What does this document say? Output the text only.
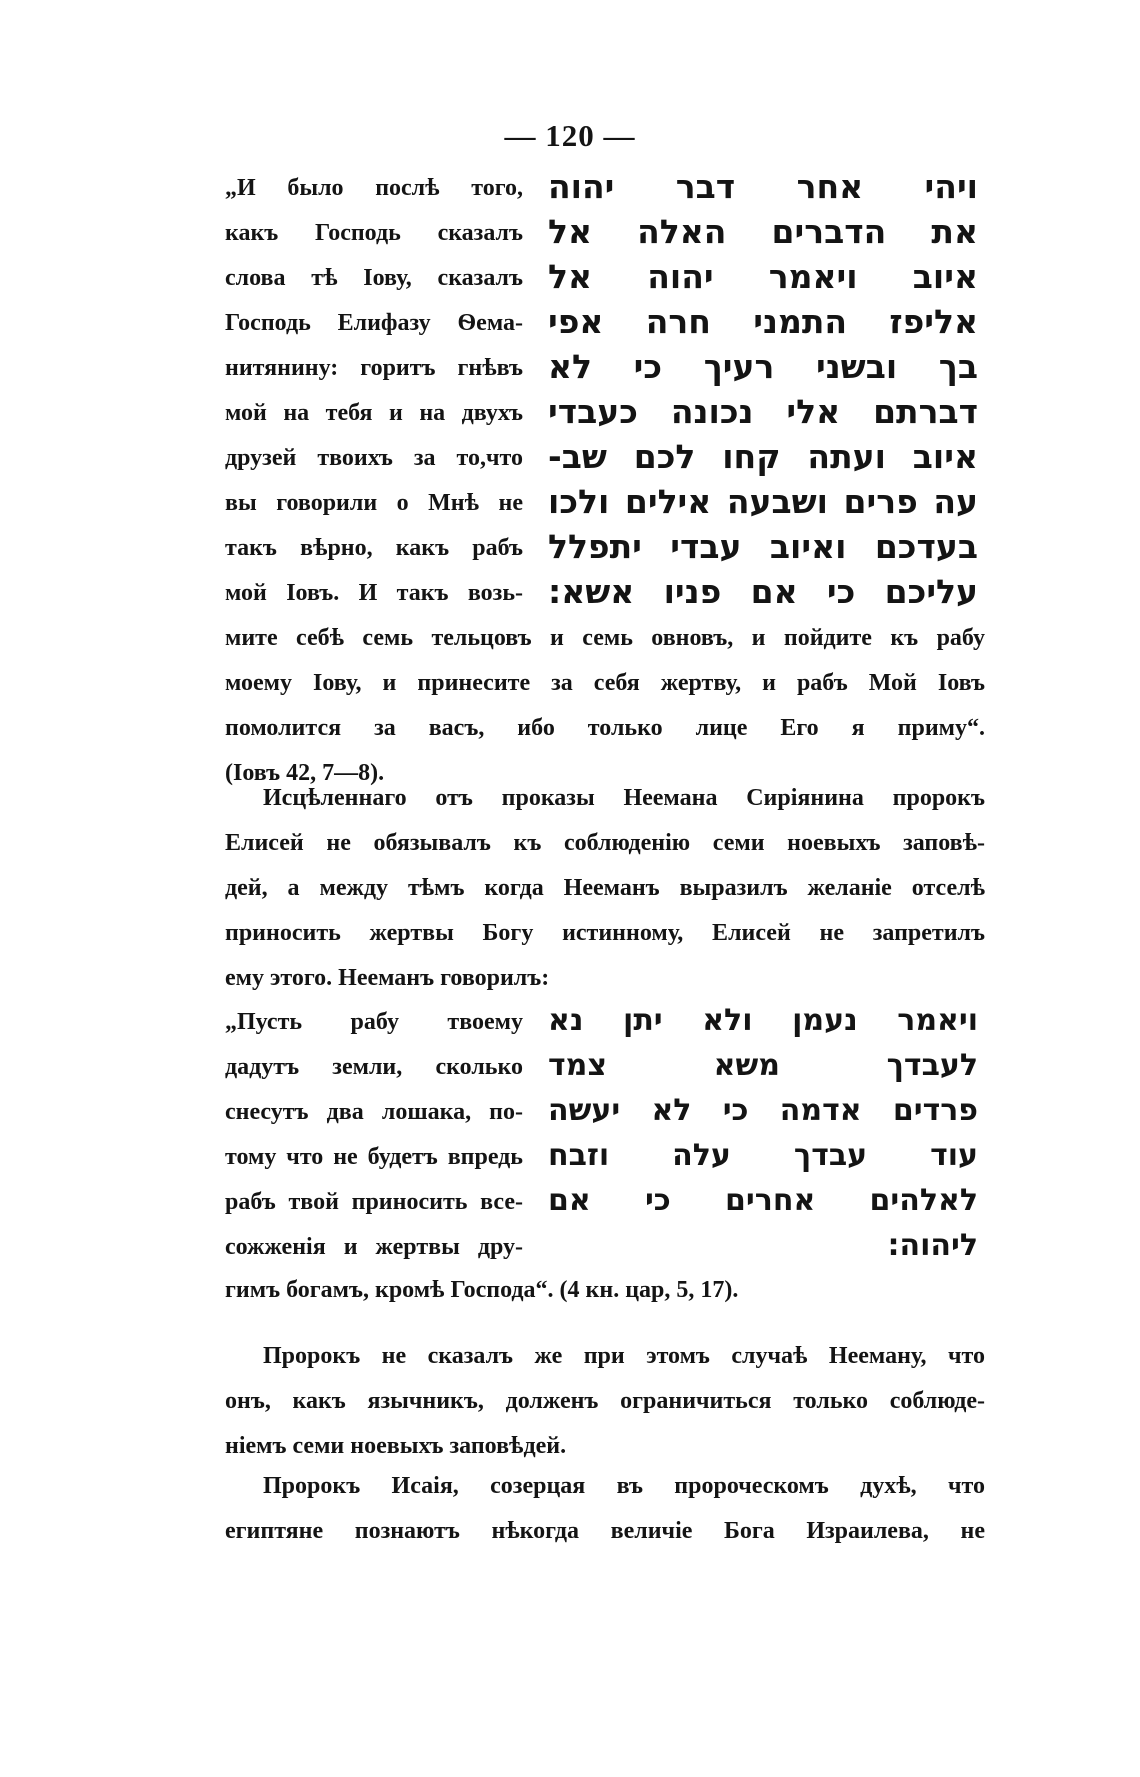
— 120 —
„И было послѣ того,
какъ Господь сказалъ
слова тѣ Іову, сказалъ
Господь Елифазу Ѳема-
нитянину: горитъ гнѣвъ
мой на тебя и на двухъ
друзей твоихъ за то,что
вы говорили о Мнѣ не
такъ вѣрно, какъ рабъ
мой Іовъ. И такъ возь-
ויהי אחר דבר יהוה
את הדברים האלה אל
איוב ויאמר יהוה אל
אליפז התמני חרה אפי
בך ובשני רעיך כי לא
דברתם אלי נכונה כעבדי
איוב ועתה קחו לכם שב-
עה פרים ושבעה אילים ולכו
בעדכם ואיוב עבדי יתפלל
עליכם כי אם פניו אשא:
мите себѣ семь тельцовъ и семь овновъ, и пойдите къ рабу
моему Іову, и принесите за себя жертву, и рабъ Мой Іовъ
помолится за васъ, ибо только лице Его я приму“.
(Іовъ 42, 7—8).
Исцѣленнаго отъ проказы Неемана Сиріянина пророкъ
Елисей не обязывалъ къ соблюденію семи ноевыхъ заповѣ-
дей, а между тѣмъ когда Нееманъ выразилъ желаніе отселѣ
приносить жертвы Богу истинному, Елисей не запретилъ
ему этого. Нееманъ говорилъ:
„Пусть рабу твоему
дадутъ земли, сколько
снесутъ два лошака, по-
тому что не будетъ впредь
рабъ твой приносить все-
сожженія и жертвы дру-
ויאמר נעמן ולא יתן נא
לעבדך משא צמד
פרדים אדמה כי לא יעשה
עוד עבדך עלה וזבח
לאלהים אחרים כי אם
ליהוה:
гимъ богамъ, кромѣ Господа“. (4 кн. цар, 5, 17).
Пророкъ не сказалъ же при этомъ случаѣ Нееману, что
онъ, какъ язычникъ, долженъ ограничиться только соблюде-
ніемъ семи ноевыхъ заповѣдей.
Пророкъ Исаія, созерцая въ пророческомъ духѣ, что
египтяне познаютъ нѣкогда величіе Бога Израилева, не
